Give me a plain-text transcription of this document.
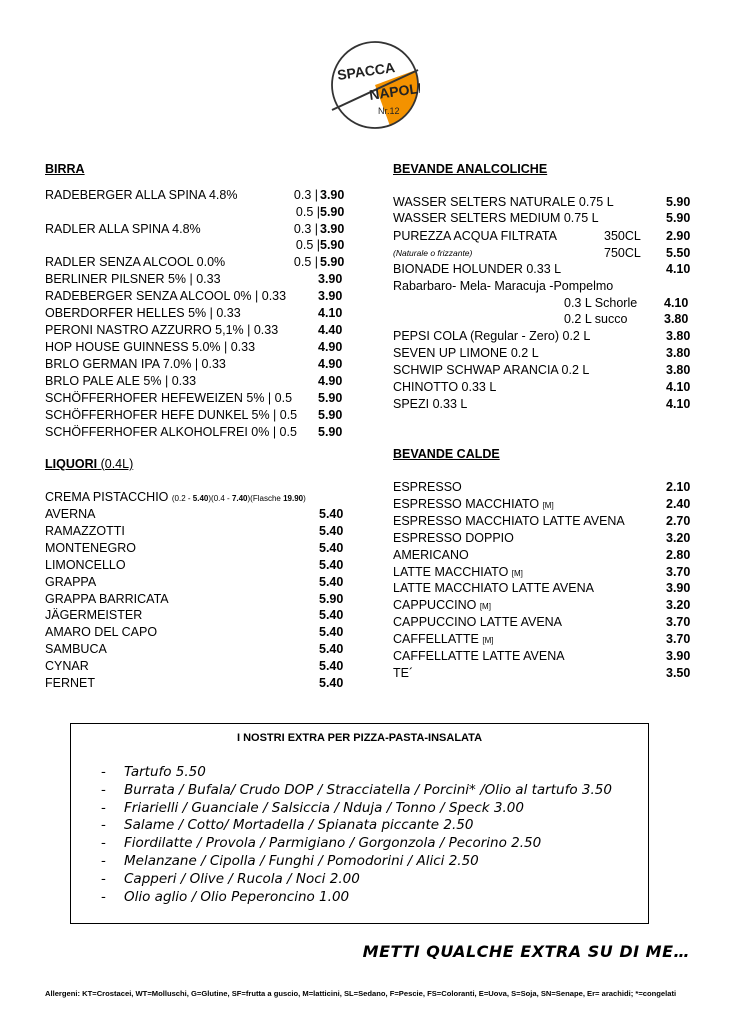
SPACCA
NAPOLI
Nr.12
BIRRA
RADEBERGER ALLA SPINA 4.8%	0.3 | 3.90
0.5 | 5.90
RADLER ALLA SPINA 4.8%	0.3 | 3.90
0.5 | 5.90
RADLER SENZA ALCOOL 0.0%	0.5 | 5.90
BERLINER PILSNER 5% | 0.33	3.90
RADEBERGER SENZA ALCOOL 0% | 0.33	3.90
OBERDORFER HELLES 5% | 0.33	4.10
PERONI NASTRO AZZURRO 5,1% | 0.33	4.40
HOP HOUSE GUINNESS 5.0% | 0.33	4.90
BRLO GERMAN IPA 7.0% | 0.33	4.90
BRLO PALE ALE 5% | 0.33	4.90
SCHÖFFERHOFER HEFEWEIZEN 5% | 0.5 5.90
SCHÖFFERHOFER HEFE DUNKEL 5% | 0.5 5.90
SCHÖFFERHOFER ALKOHOLFREI 0% | 0.5 5.90
LIQUORI (0.4L)
CREMA PISTACCHIO (0.2 - 5.40)(0.4 - 7.40)(Flasche 19.90)
AVERNA	5.40
RAMAZZOTTI	5.40
MONTENEGRO	5.40
LIMONCELLO	5.40
GRAPPA	5.40
GRAPPA BARRICATA	5.90
JÄGERMEISTER	5.40
AMARO DEL CAPO	5.40
SAMBUCA	5.40
CYNAR	5.40
FERNET	5.40
BEVANDE ANALCOLICHE
WASSER SELTERS NATURALE 0.75 L	5.90
WASSER SELTERS MEDIUM 0.75 L	5.90
PUREZZA ACQUA FILTRATA	350CL 2.90
(Naturale o frizzante)	750CL 5.50
BIONADE HOLUNDER 0.33 L	4.10
Rabarbaro- Mela- Maracuja -Pompelmo
0.3 L Schorle 4.10
0.2 L succo	3.80
PEPSI COLA (Regular - Zero) 0.2 L	3.80
SEVEN UP LIMONE 0.2 L	3.80
SCHWIP SCHWAP ARANCIA 0.2 L	3.80
CHINOTTO 0.33 L	4.10
SPEZI 0.33 L	4.10
BEVANDE CALDE
ESPRESSO	2.10
ESPRESSO MACCHIATO [M]	2.40
ESPRESSO MACCHIATO LATTE AVENA	2.70
ESPRESSO DOPPIO	3.20
AMERICANO	2.80
LATTE MACCHIATO [M]	3.70
LATTE MACCHIATO LATTE AVENA	3.90
CAPPUCCINO [M]	3.20
CAPPUCCINO LATTE AVENA	3.70
CAFFELLATTE [M]	3.70
CAFFELLATTE LATTE AVENA	3.90
TE´	3.50
I NOSTRI EXTRA PER PIZZA-PASTA-INSALATA
- Tartufo 5.50
- Burrata / Bufala/ Crudo DOP / Stracciatella / Porcini* /Olio al tartufo 3.50
- Friarielli / Guanciale / Salsiccia / Nduja / Tonno / Speck 3.00
- Salame / Cotto/ Mortadella / Spianata piccante 2.50
- Fiordilatte / Provola / Parmigiano / Gorgonzola / Pecorino 2.50
- Melanzane / Cipolla / Funghi / Pomodorini / Alici 2.50
- Capperi / Olive / Rucola / Noci 2.00
- Olio aglio / Olio Peperoncino 1.00
METTI QUALCHE EXTRA SU DI ME…
Allergeni: KT=Crostacei, WT=Molluschi, G=Glutine, SF=frutta a guscio, M=latticini, SL=Sedano, F=Pescie, FS=Coloranti, E=Uova, S=Soja, SN=Senape, Er= arachidi; *=congelati
